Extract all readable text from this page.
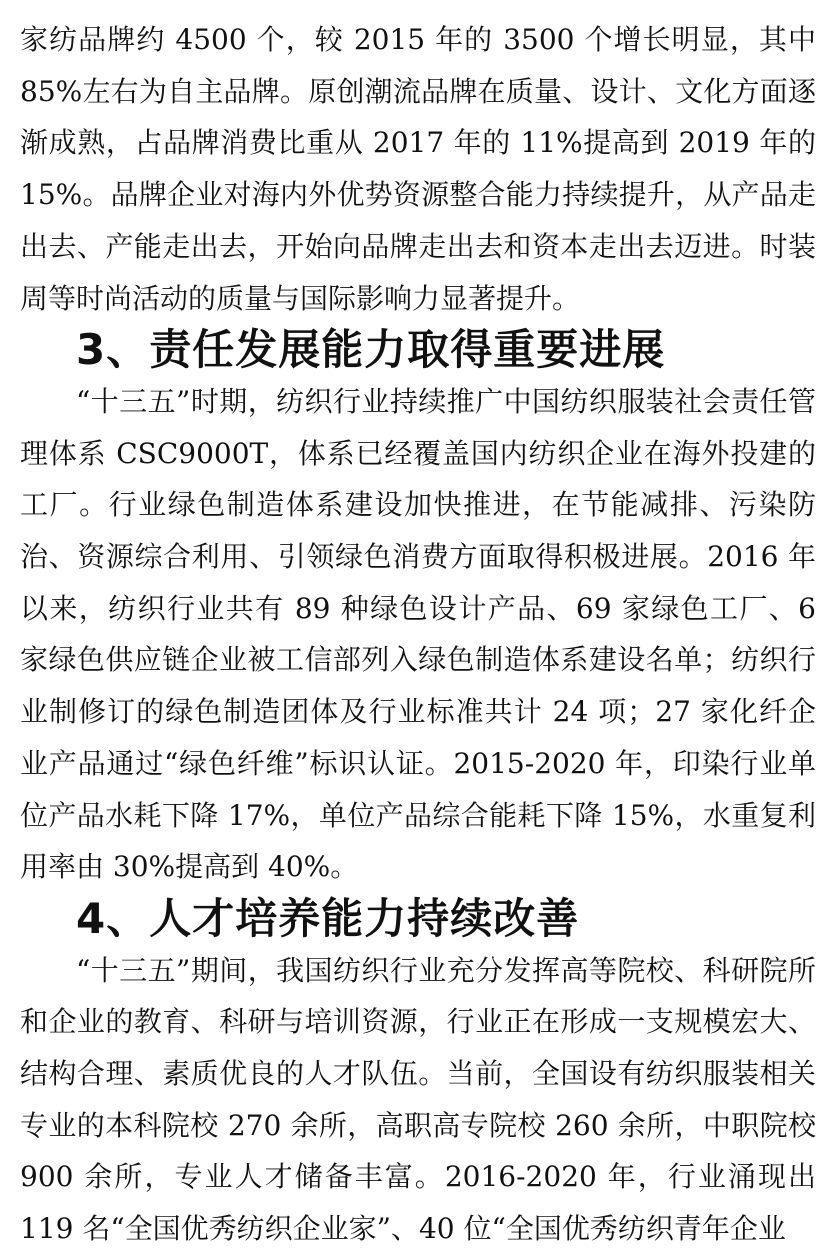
家纺品牌约 4500 个，较 2015 年的 3500 个增长明显，其中 85%左右为自主品牌。原创潮流品牌在质量、设计、文化方面逐渐成熟，占品牌消费比重从 2017 年的 11%提高到 2019 年的 15%。品牌企业对海内外优势资源整合能力持续提升，从产品走出去、产能走出去，开始向品牌走出去和资本走出去迈进。时装周等时尚活动的质量与国际影响力显著提升。

3、责任发展能力取得重要进展

“十三五”时期，纺织行业持续推广中国纺织服装社会责任管理体系 CSC9000T，体系已经覆盖国内纺织企业在海外投建的工厂。行业绿色制造体系建设加快推进，在节能减排、污染防治、资源综合利用、引领绿色消费方面取得积极进展。2016 年以来，纺织行业共有 89 种绿色设计产品、69 家绿色工厂、6 家绿色供应链企业被工信部列入绿色制造体系建设名单；纺织行业制修订的绿色制造团体及行业标准共计 24 项；27 家化纤企业产品通过“绿色纤维”标识认证。2015-2020 年，印染行业单位产品水耗下降 17%，单位产品综合能耗下降 15%，水重复利用率由 30%提高到 40%。

4、人才培养能力持续改善

“十三五”期间，我国纺织行业充分发挥高等院校、科研院所和企业的教育、科研与培训资源，行业正在形成一支规模宏大、结构合理、素质优良的人才队伍。当前，全国设有纺织服装相关专业的本科院校 270 余所，高职高专院校 260 余所，中职院校 900 余所，专业人才储备丰富。2016-2020 年，行业涌现出 119 名“全国优秀纺织企业家”、40 位“全国优秀纺织青年企业
